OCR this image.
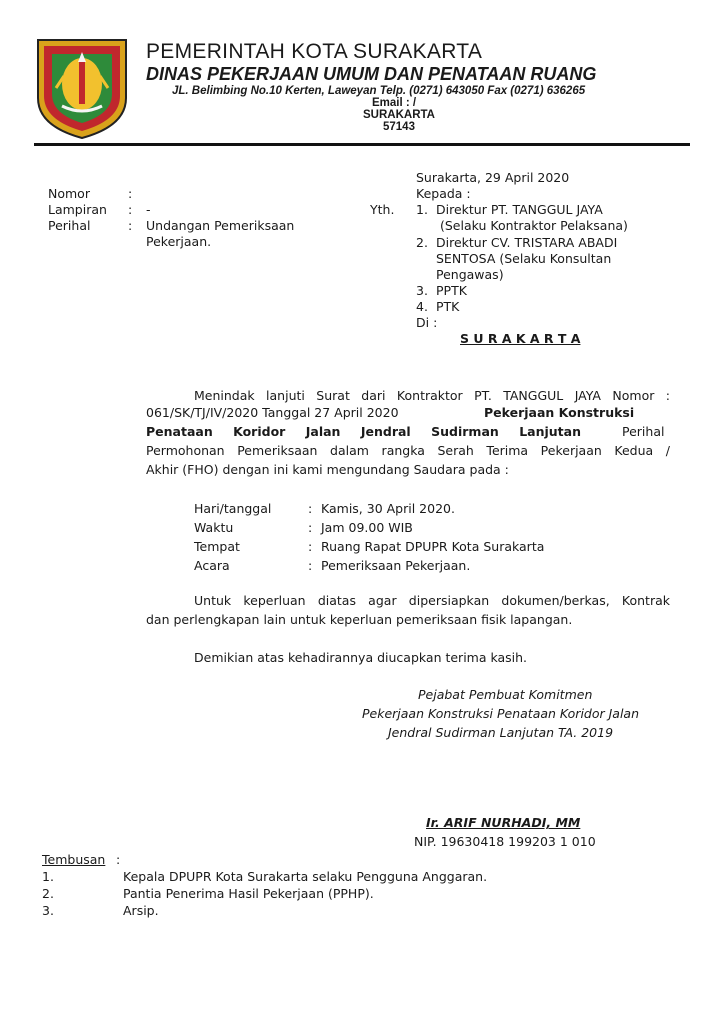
PEMERINTAH KOTA SURAKARTA
DINAS PEKERJAAN UMUM DAN PENATAAN RUANG
JL. Belimbing No.10 Kerten, Laweyan Telp. (0271) 643050 Fax (0271) 636265
Email : /
SURAKARTA
57143
Nomor	:
Lampiran : -
Perihal	: Undangan Pemeriksaan
Pekerjaan.
Surakarta, 29 April 2020
Kepada :
Yth. 1. Direktur PT. TANGGUL JAYA
(Selaku Kontraktor Pelaksana)
2. Direktur CV. TRISTARA ABADI
SENTOSA (Selaku Konsultan
Pengawas)
3. PPTK
4. PTK
Di :
S U R A K A R T A
Menindak lanjuti Surat dari Kontraktor PT. TANGGUL JAYA Nomor :
061/SK/TJ/IV/2020 Tanggal 27 April 2020	Pekerjaan Konstruksi
Penataan Koridor Jalan Jendral Sudirman Lanjutan	Perihal
Permohonan Pemeriksaan dalam rangka Serah Terima Pekerjaan Kedua /
Akhir (FHO) dengan ini kami mengundang Saudara pada :
Hari/tanggal	: Kamis, 30 April 2020.
Waktu	: Jam 09.00 WIB
Tempat	: Ruang Rapat DPUPR Kota Surakarta
Acara	: Pemeriksaan Pekerjaan.
Untuk keperluan diatas agar dipersiapkan dokumen/berkas, Kontrak
dan perlengkapan lain untuk keperluan pemeriksaan fisik lapangan.
Demikian atas kehadirannya diucapkan terima kasih.
Pejabat Pembuat Komitmen
Pekerjaan Konstruksi Penataan Koridor Jalan
Jendral Sudirman Lanjutan TA. 2019
Ir. ARIF NURHADI, MM
NIP. 19630418 199203 1 010
Tembusan :
1.	Kepala DPUPR Kota Surakarta selaku Pengguna Anggaran.
2.	Pantia Penerima Hasil Pekerjaan (PPHP).
3.	Arsip.
